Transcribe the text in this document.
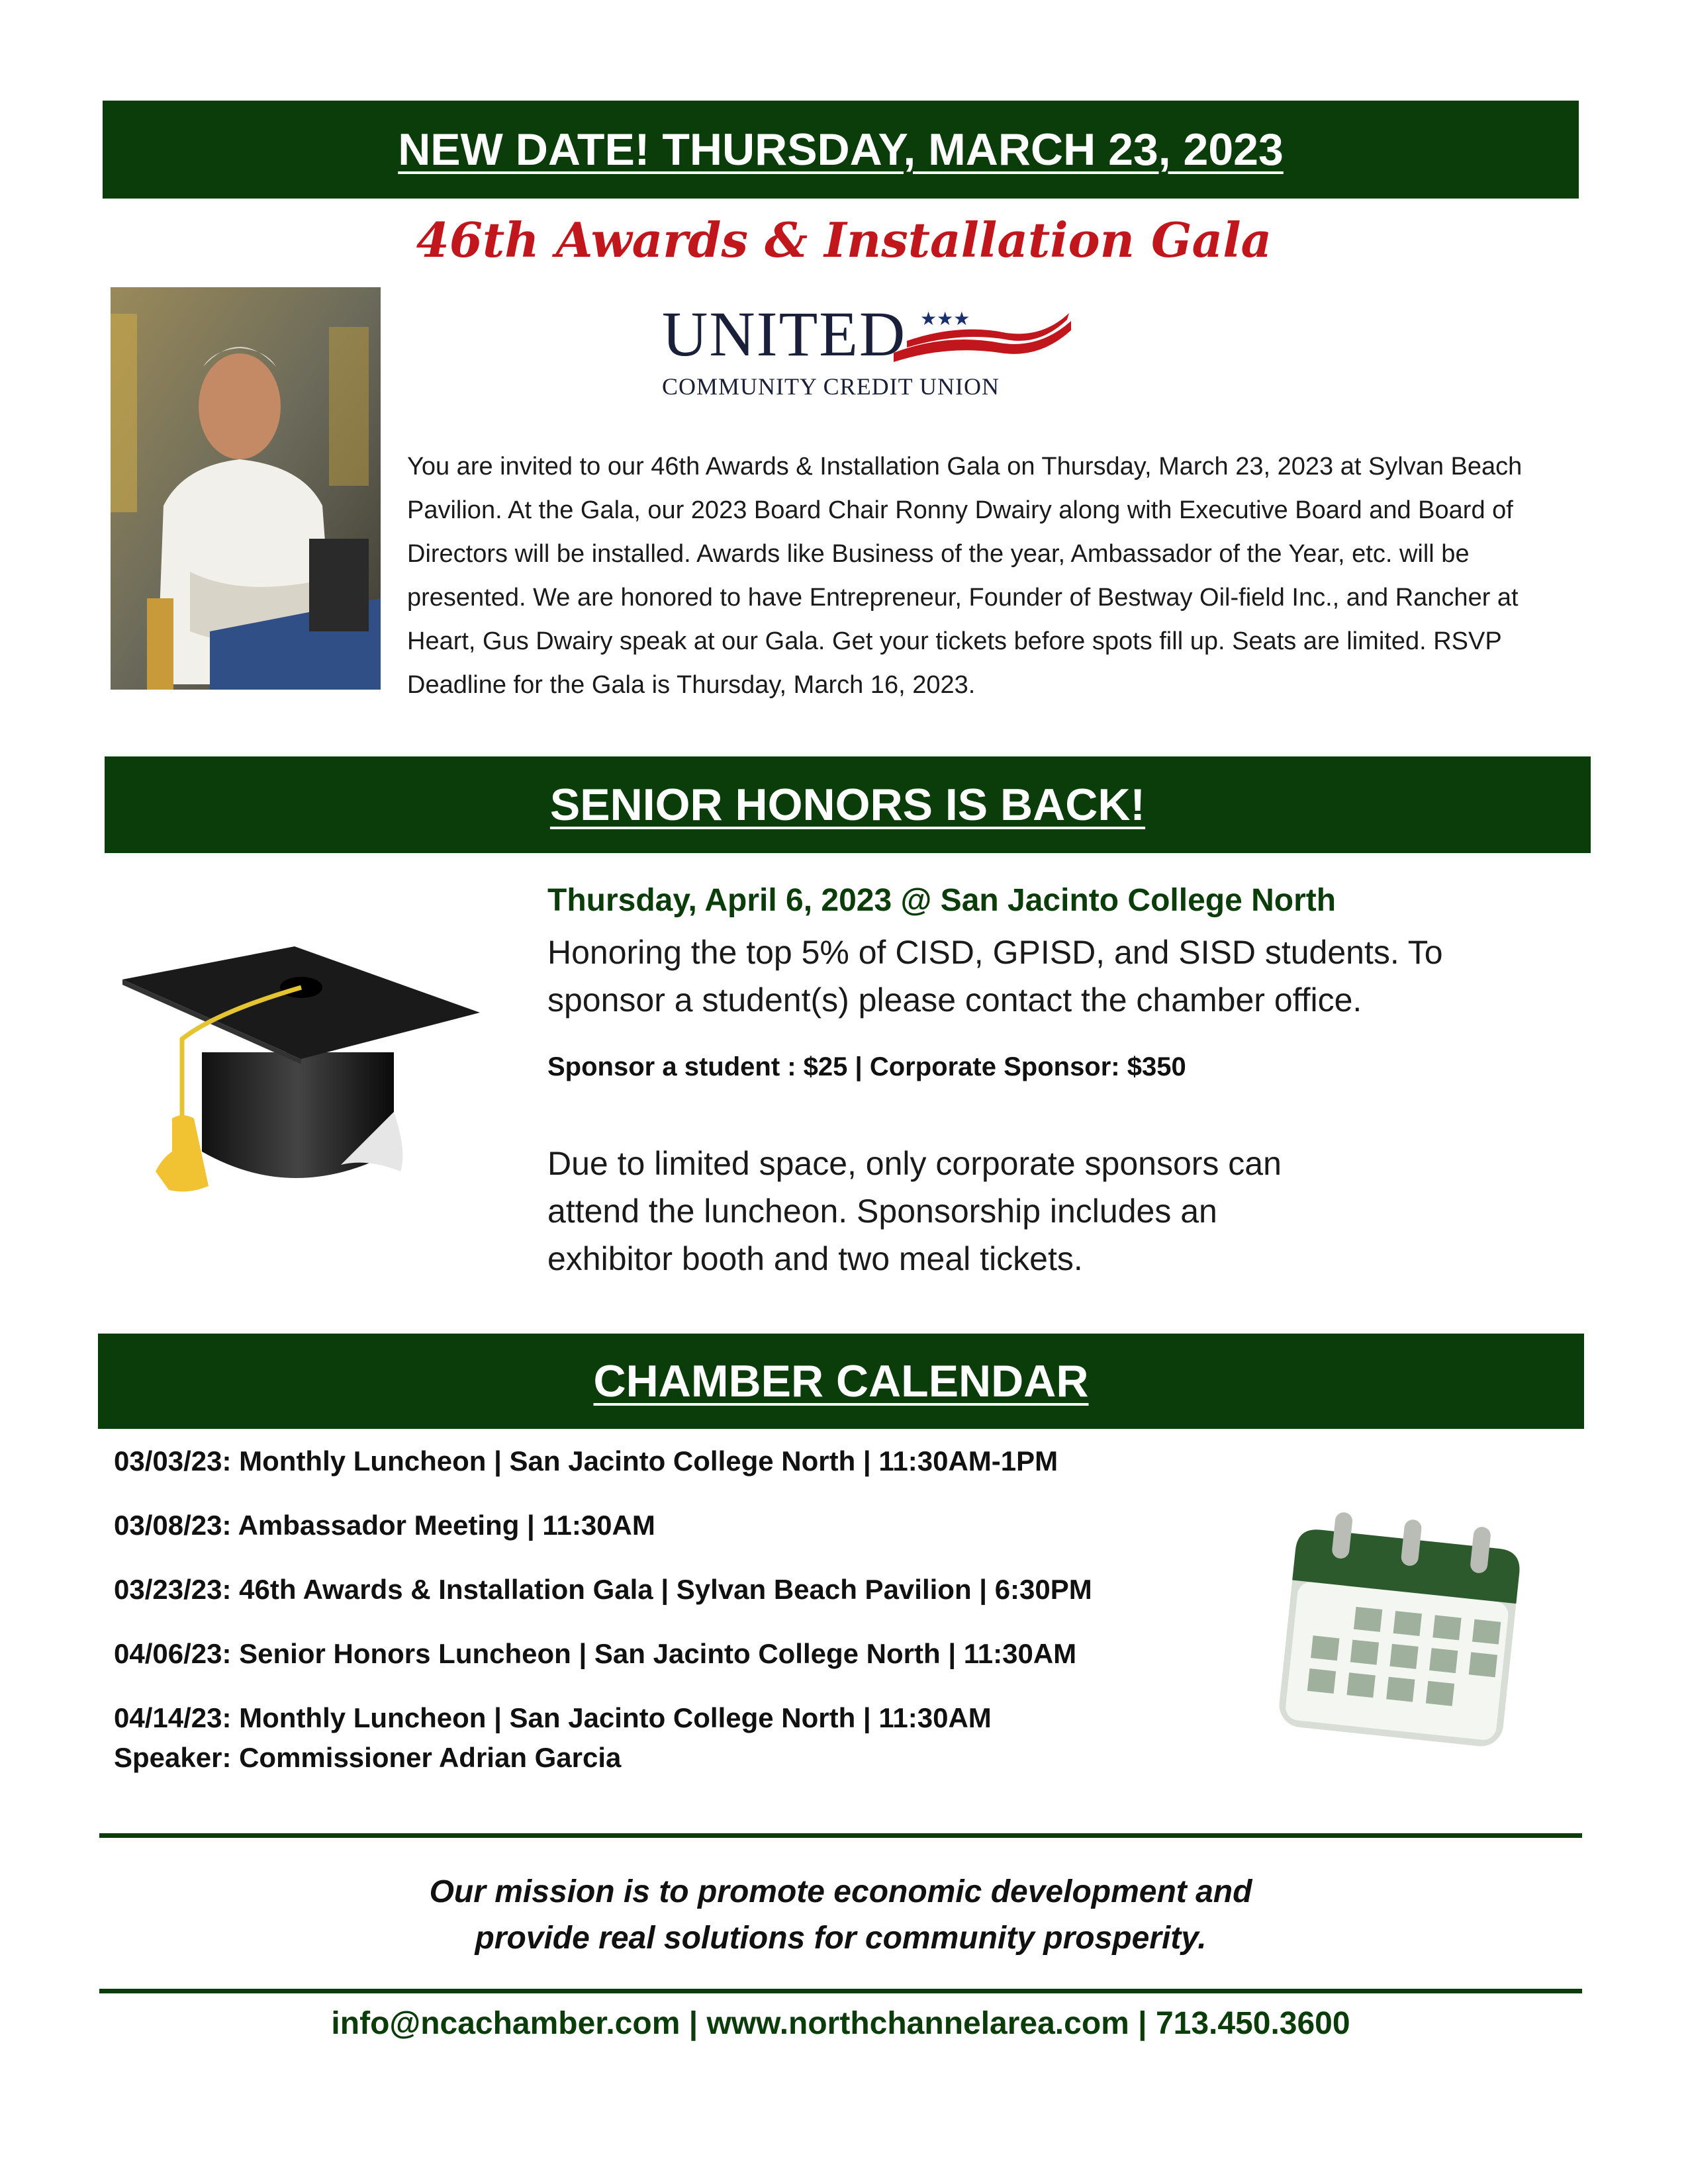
NEW DATE! THURSDAY, MARCH 23, 2023
46th Awards & Installation Gala
UNITED ★★★
COMMUNITY CREDIT UNION
You are invited to our 46th Awards & Installation Gala on Thursday, March 23, 2023 at Sylvan Beach Pavilion. At the Gala, our 2023 Board Chair Ronny Dwairy along with Executive Board and Board of Directors will be installed. Awards like Business of the year, Ambassador of the Year, etc. will be presented. We are honored to have Entrepreneur, Founder of Bestway Oil-field Inc., and Rancher at Heart, Gus Dwairy speak at our Gala. Get your tickets before spots fill up. Seats are limited. RSVP Deadline for the Gala is Thursday, March 16, 2023.
SENIOR HONORS IS BACK!
Thursday, April 6, 2023 @ San Jacinto College North
Honoring the top 5% of CISD, GPISD, and SISD students. To sponsor a student(s) please contact the chamber office.
Sponsor a student : $25 | Corporate Sponsor: $350
Due to limited space, only corporate sponsors can attend the luncheon. Sponsorship includes an exhibitor booth and two meal tickets.
CHAMBER CALENDAR
03/03/23: Monthly Luncheon | San Jacinto College North | 11:30AM-1PM
03/08/23: Ambassador Meeting | 11:30AM
03/23/23: 46th Awards & Installation Gala | Sylvan Beach Pavilion | 6:30PM
04/06/23: Senior Honors Luncheon | San Jacinto College North | 11:30AM
04/14/23: Monthly Luncheon | San Jacinto College North | 11:30AM
Speaker: Commissioner Adrian Garcia
Our mission is to promote economic development and
provide real solutions for community prosperity.
info@ncachamber.com | www.northchannelarea.com | 713.450.3600
